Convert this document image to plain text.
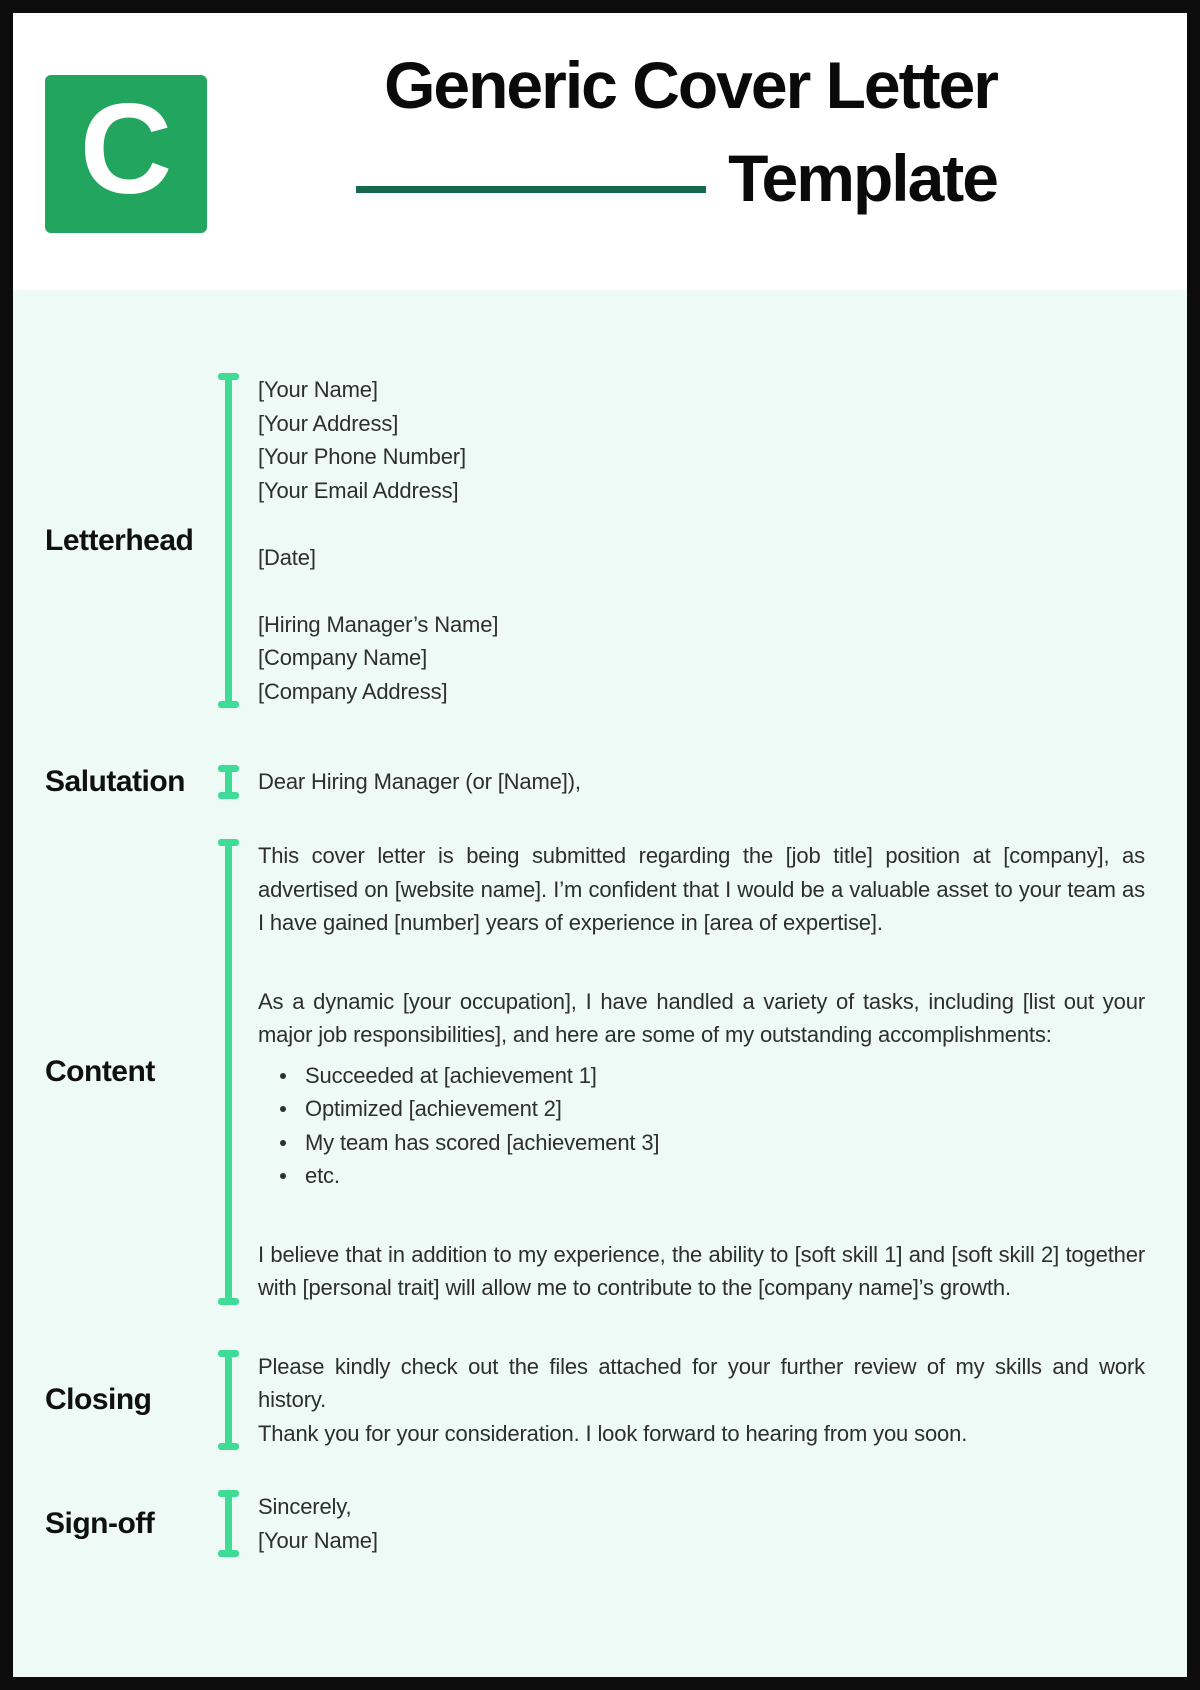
C	Generic Cover Letter
Template
Letterhead
[Your Name]
[Your Address]
[Your Phone Number]
[Your Email Address]
[Date]
[Hiring Manager’s Name]
[Company Name]
[Company Address]
Salutation	Dear Hiring Manager (or [Name]),
Content

This cover letter is being submitted regarding the [job title] position at [company], as advertised on [website name]. I’m confident that I would be a valuable asset to your team as I have gained [number] years of experience in [area of expertise].

As a dynamic [your occupation], I have handled a variety of tasks, including [list out your major job responsibilities], and here are some of my outstanding accomplishments:

Succeeded at [achievement 1]
Optimized [achievement 2]
My team has scored [achievement 3]
etc.

I believe that in addition to my experience, the ability to [soft skill 1] and [soft skill 2] together with [personal trait] will allow me to contribute to the [company name]’s growth.

Closing

Please kindly check out the files attached for your further review of my skills and work history.

Thank you for your consideration. I look forward to hearing from you soon.

Sign-off	Sincerely,
[Your Name]
